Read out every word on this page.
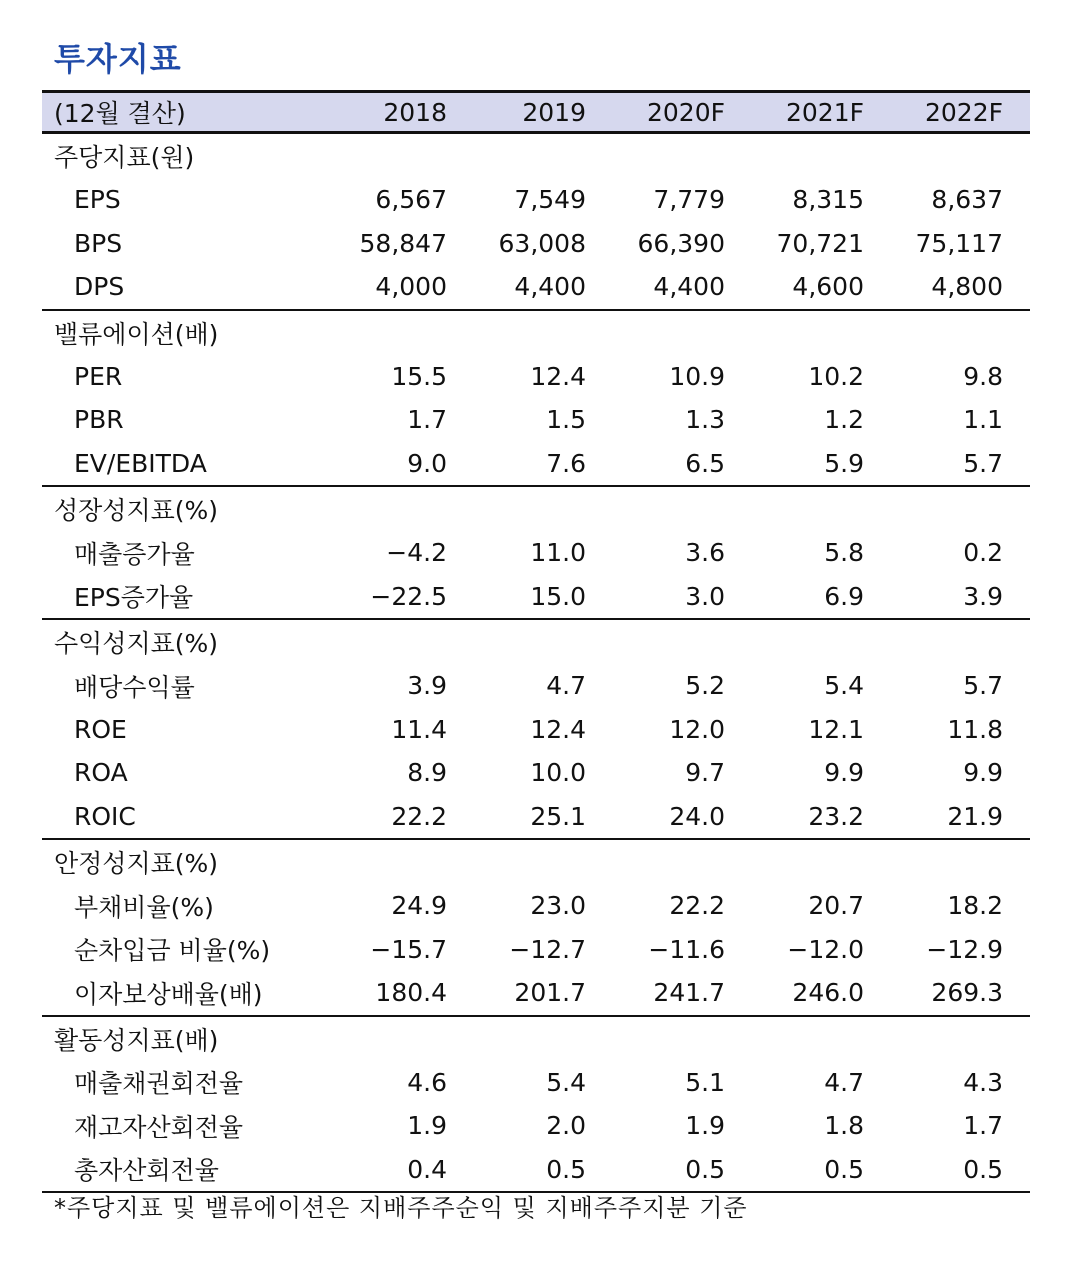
투자지표
(12월 결산)	2018	2019	2020F	2021F	2022F
주당지표(원)
EPS	6,567	7,549	7,779	8,315	8,637
BPS	58,847	63,008	66,390	70,721	75,117
DPS	4,000	4,400	4,400	4,600	4,800
밸류에이션(배)
PER	15.5	12.4	10.9	10.2	9.8
PBR	1.7	1.5	1.3	1.2	1.1
EV/EBITDA	9.0	7.6	6.5	5.9	5.7
성장성지표(%)
매출증가율	−4.2	11.0	3.6	5.8	0.2
EPS증가율	−22.5	15.0	3.0	6.9	3.9
수익성지표(%)
배당수익률	3.9	4.7	5.2	5.4	5.7
ROE	11.4	12.4	12.0	12.1	11.8
ROA	8.9	10.0	9.7	9.9	9.9
ROIC	22.2	25.1	24.0	23.2	21.9
안정성지표(%)
부채비율(%)	24.9	23.0	22.2	20.7	18.2
순차입금 비율(%)	−15.7	−12.7	−11.6	−12.0	−12.9
이자보상배율(배)	180.4	201.7	241.7	246.0	269.3
활동성지표(배)
매출채권회전율	4.6	5.4	5.1	4.7	4.3
재고자산회전율	1.9	2.0	1.9	1.8	1.7
총자산회전율	0.4	0.5	0.5	0.5	0.5
*주당지표 및 밸류에이션은 지배주주순익 및 지배주주지분 기준
